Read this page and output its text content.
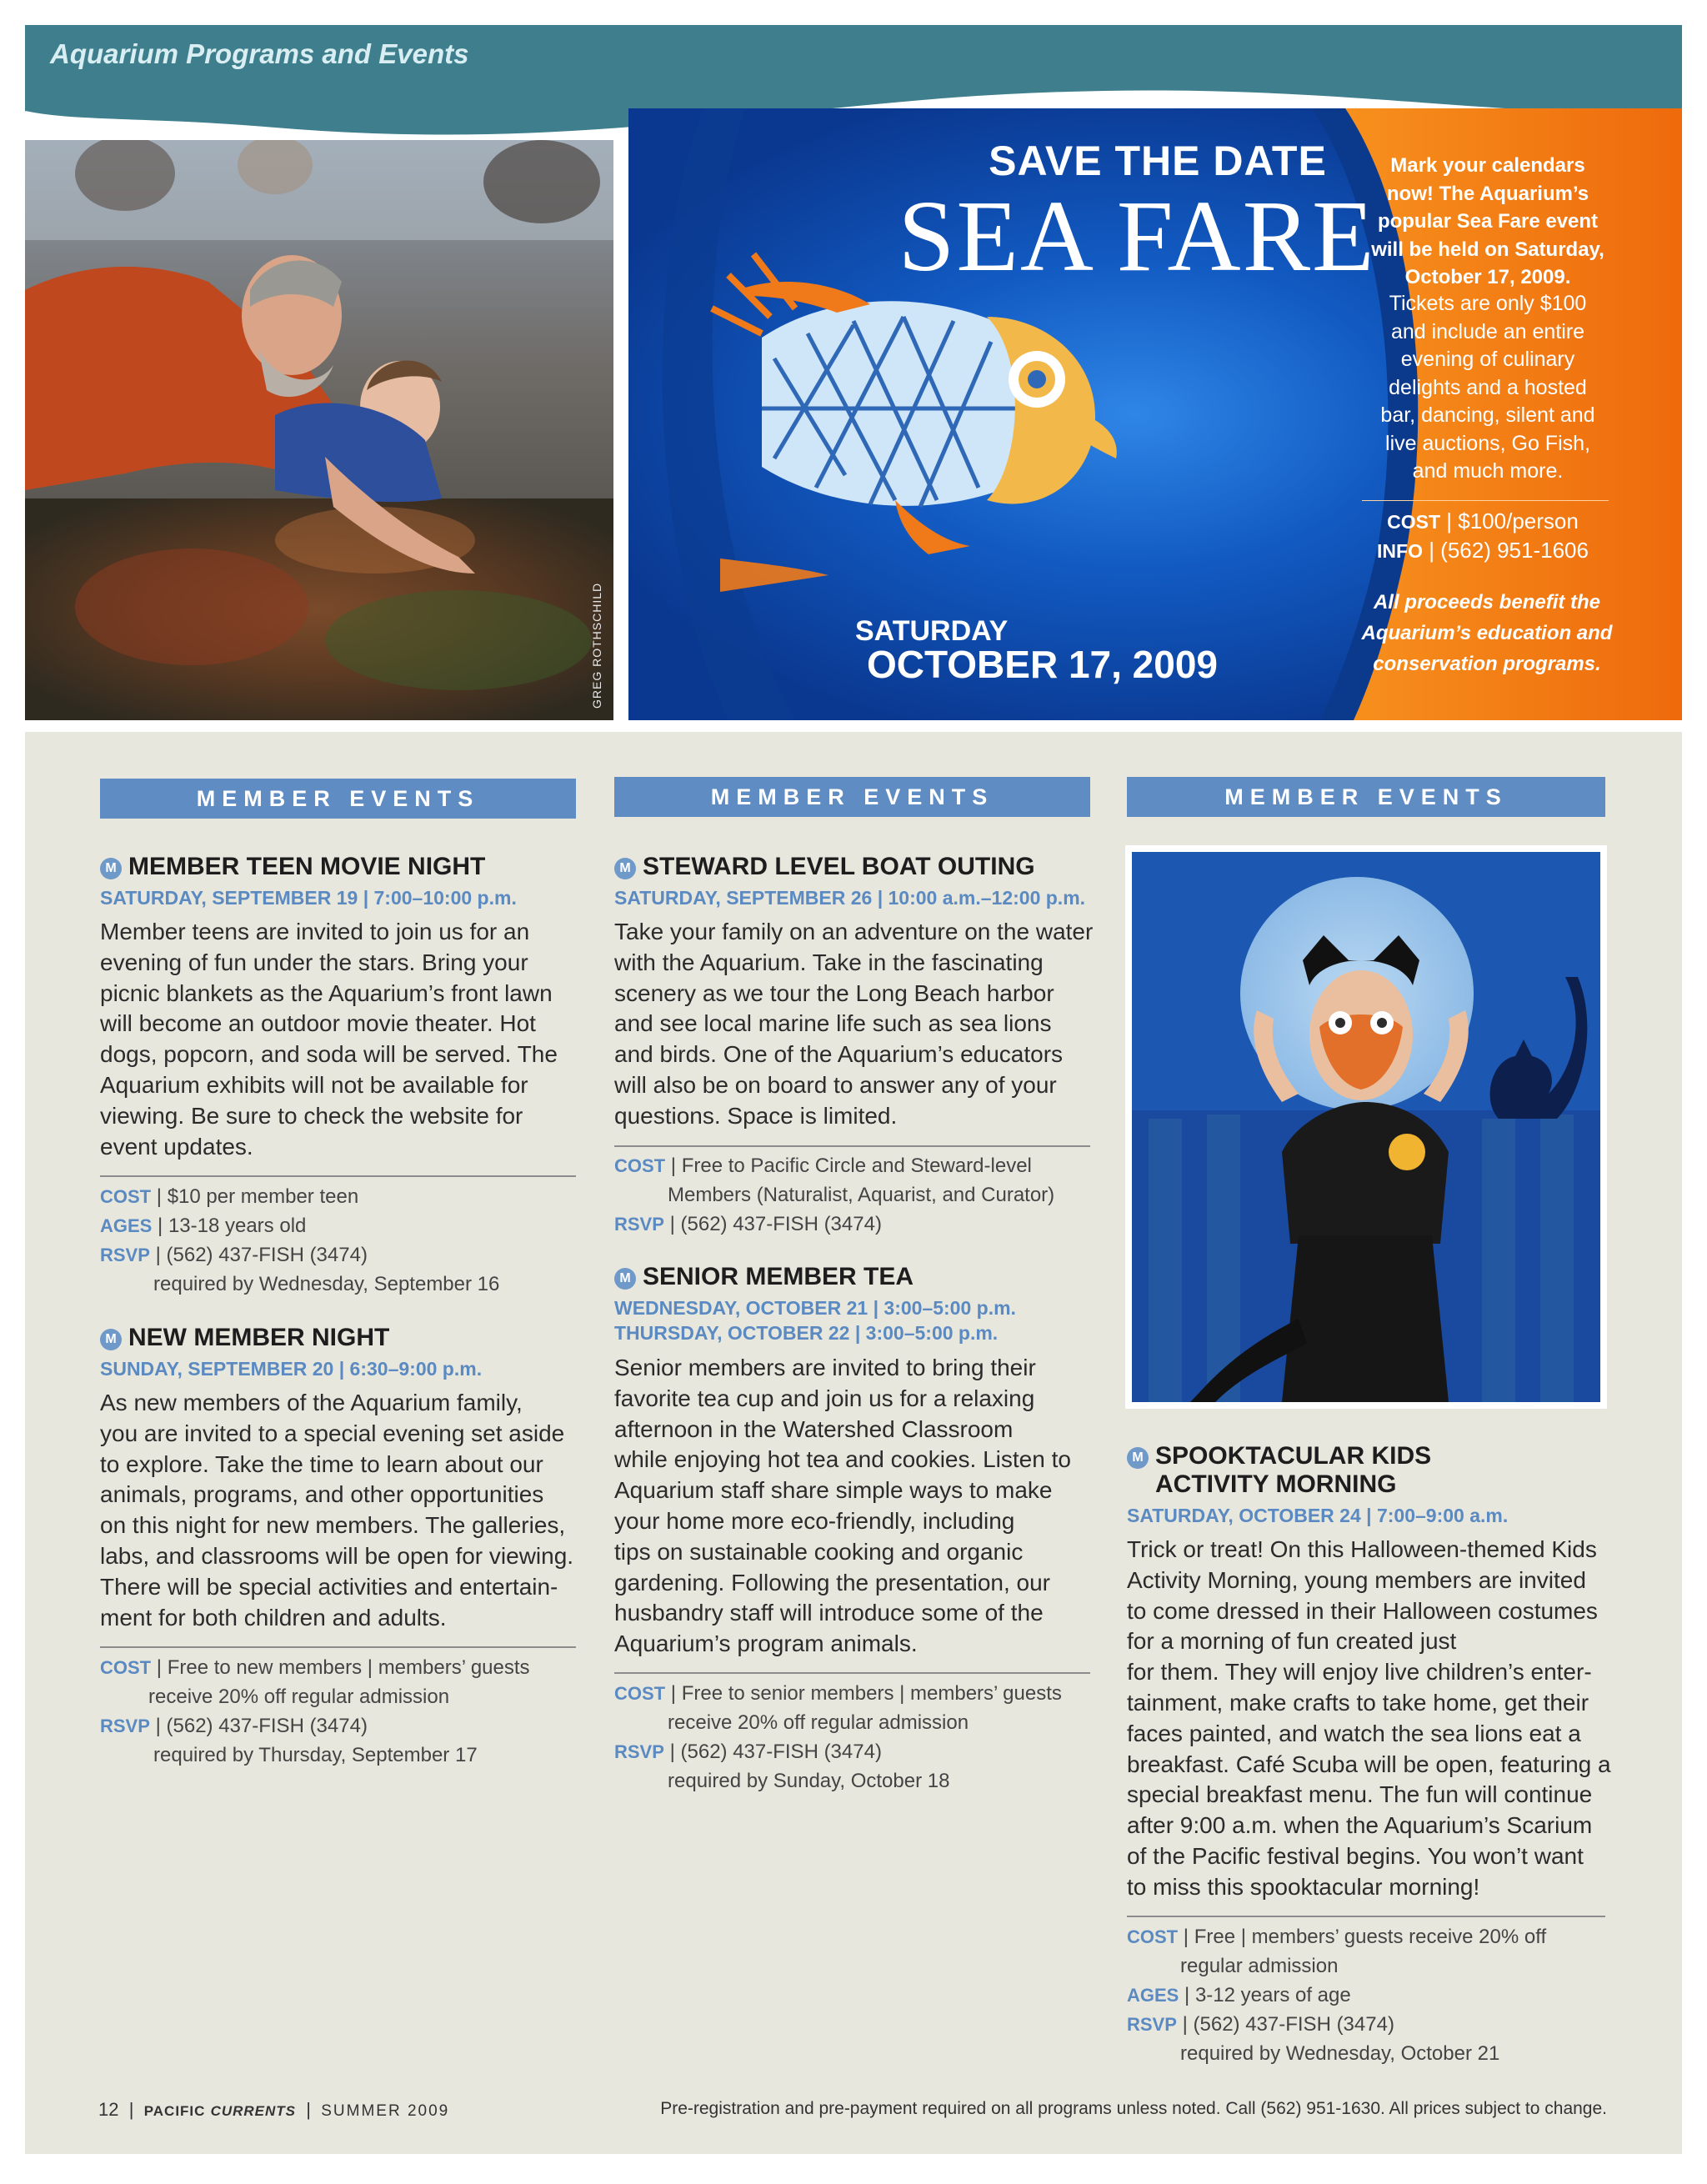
Aquarium Programs and Events
GREG ROTHSCHILD
SAVE THE DATE
SEA FARE
SATURDAY
OCTOBER 17, 2009
Mark your calendars
now! The Aquarium’s
popular Sea Fare event
will be held on Saturday,
October 17, 2009.
Tickets are only $100
and include an entire
evening of culinary
delights and a hosted
bar, dancing, silent and
live auctions, Go Fish,
and much more.
COST | $100/person
INFO | (562) 951-1606
All proceeds benefit the
Aquarium’s education and
conservation programs.
MEMBER EVENTS	MEMBER EVENTS	MEMBER EVENTS
M MEMBER TEEN MOVIE NIGHT
SATURDAY, SEPTEMBER 19 | 7:00–10:00 p.m.
Member teens are invited to join us for an
evening of fun under the stars. Bring your
picnic blankets as the Aquarium’s front lawn
will become an outdoor movie theater. Hot
dogs, popcorn, and soda will be served. The
Aquarium exhibits will not be available for
viewing. Be sure to check the website for
event updates.
COST | $10 per member teen
AGES | 13-18 years old
RSVP | (562) 437-FISH (3474)
required by Wednesday, September 16
M NEW MEMBER NIGHT
SUNDAY, SEPTEMBER 20 | 6:30–9:00 p.m.
As new members of the Aquarium family,
you are invited to a special evening set aside
to explore. Take the time to learn about our
animals, programs, and other opportunities
on this night for new members. The galleries,
labs, and classrooms will be open for viewing.
There will be special activities and entertain-
ment for both children and adults.
COST | Free to new members | members’ guests
receive 20% off regular admission
RSVP | (562) 437-FISH (3474)
required by Thursday, September 17
M STEWARD LEVEL BOAT OUTING
SATURDAY, SEPTEMBER 26 | 10:00 a.m.–12:00 p.m.
Take your family on an adventure on the water
with the Aquarium. Take in the fascinating
scenery as we tour the Long Beach harbor
and see local marine life such as sea lions
and birds. One of the Aquarium’s educators
will also be on board to answer any of your
questions. Space is limited.
COST | Free to Pacific Circle and Steward-level
Members (Naturalist, Aquarist, and Curator)
RSVP | (562) 437-FISH (3474)
M SENIOR MEMBER TEA
WEDNESDAY, OCTOBER 21 | 3:00–5:00 p.m.
THURSDAY, OCTOBER 22 | 3:00–5:00 p.m.
Senior members are invited to bring their
favorite tea cup and join us for a relaxing
afternoon in the Watershed Classroom
while enjoying hot tea and cookies. Listen to
Aquarium staff share simple ways to make
your home more eco-friendly, including
tips on sustainable cooking and organic
gardening. Following the presentation, our
husbandry staff will introduce some of the
Aquarium’s program animals.
COST | Free to senior members | members’ guests
receive 20% off regular admission
RSVP | (562) 437-FISH (3474)
required by Sunday, October 18
M SPOOKTACULAR KIDS
ACTIVITY MORNING
SATURDAY, OCTOBER 24 | 7:00–9:00 a.m.
Trick or treat! On this Halloween-themed Kids
Activity Morning, young members are invited
to come dressed in their Halloween costumes
for a morning of fun created just
for them. They will enjoy live children’s enter-
tainment, make crafts to take home, get their
faces painted, and watch the sea lions eat a
breakfast. Café Scuba will be open, featuring a
special breakfast menu. The fun will continue
after 9:00 a.m. when the Aquarium’s Scarium
of the Pacific festival begins. You won’t want
to miss this spooktacular morning!
COST | Free | members’ guests receive 20% off
regular admission
AGES | 3-12 years of age
RSVP | (562) 437-FISH (3474)
required by Wednesday, October 21
12  |  PACIFIC CURRENTS  |  SUMMER 2009	Pre-registration and pre-payment required on all programs unless noted. Call (562) 951-1630. All prices subject to change.
